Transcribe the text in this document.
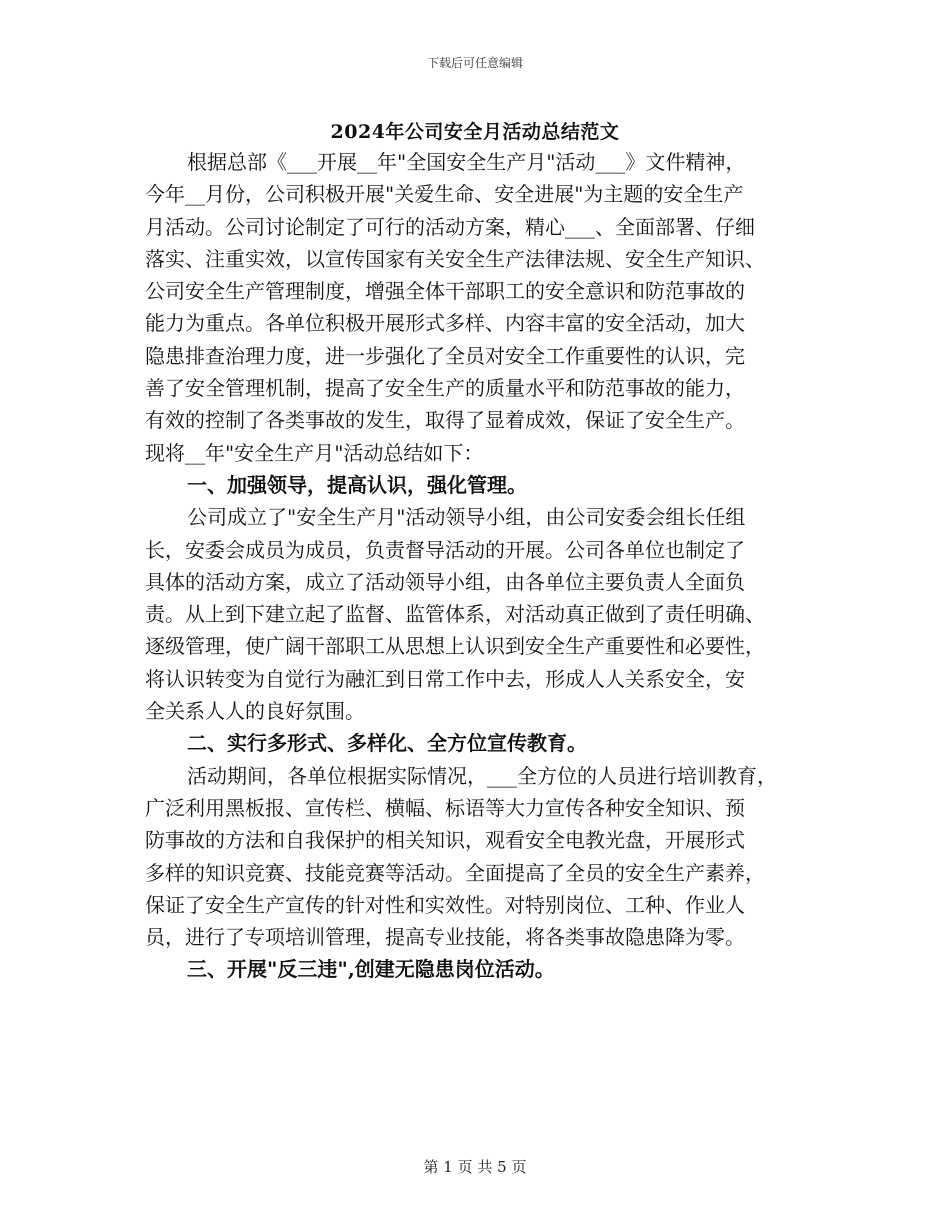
下载后可任意编辑
2024年公司安全月活动总结范文
根据总部《___开展__年"全国安全生产月"活动___》文件精神，
今年__月份，公司积极开展"关爱生命、安全进展"为主题的安全生产
月活动。公司讨论制定了可行的活动方案，精心___、全面部署、仔细
落实、注重实效，以宣传国家有关安全生产法律法规、安全生产知识、
公司安全生产管理制度，增强全体干部职工的安全意识和防范事故的
能力为重点。各单位积极开展形式多样、内容丰富的安全活动，加大
隐患排查治理力度，进一步强化了全员对安全工作重要性的认识，完
善了安全管理机制，提高了安全生产的质量水平和防范事故的能力，
有效的控制了各类事故的发生，取得了显着成效，保证了安全生产。
现将__年"安全生产月"活动总结如下：
一、加强领导，提高认识，强化管理。
公司成立了"安全生产月"活动领导小组，由公司安委会组长任组
长，安委会成员为成员，负责督导活动的开展。公司各单位也制定了
具体的活动方案，成立了活动领导小组，由各单位主要负责人全面负
责。从上到下建立起了监督、监管体系，对活动真正做到了责任明确、
逐级管理，使广阔干部职工从思想上认识到安全生产重要性和必要性，
将认识转变为自觉行为融汇到日常工作中去，形成人人关系安全，安
全关系人人的良好氛围。
二、实行多形式、多样化、全方位宣传教育。
活动期间，各单位根据实际情况，___全方位的人员进行培训教育，
广泛利用黑板报、宣传栏、横幅、标语等大力宣传各种安全知识、预
防事故的方法和自我保护的相关知识，观看安全电教光盘，开展形式
多样的知识竞赛、技能竞赛等活动。全面提高了全员的安全生产素养，
保证了安全生产宣传的针对性和实效性。对特别岗位、工种、作业人
员，进行了专项培训管理，提高专业技能，将各类事故隐患降为零。
三、开展"反三违",创建无隐患岗位活动。
第 1 页 共 5 页
